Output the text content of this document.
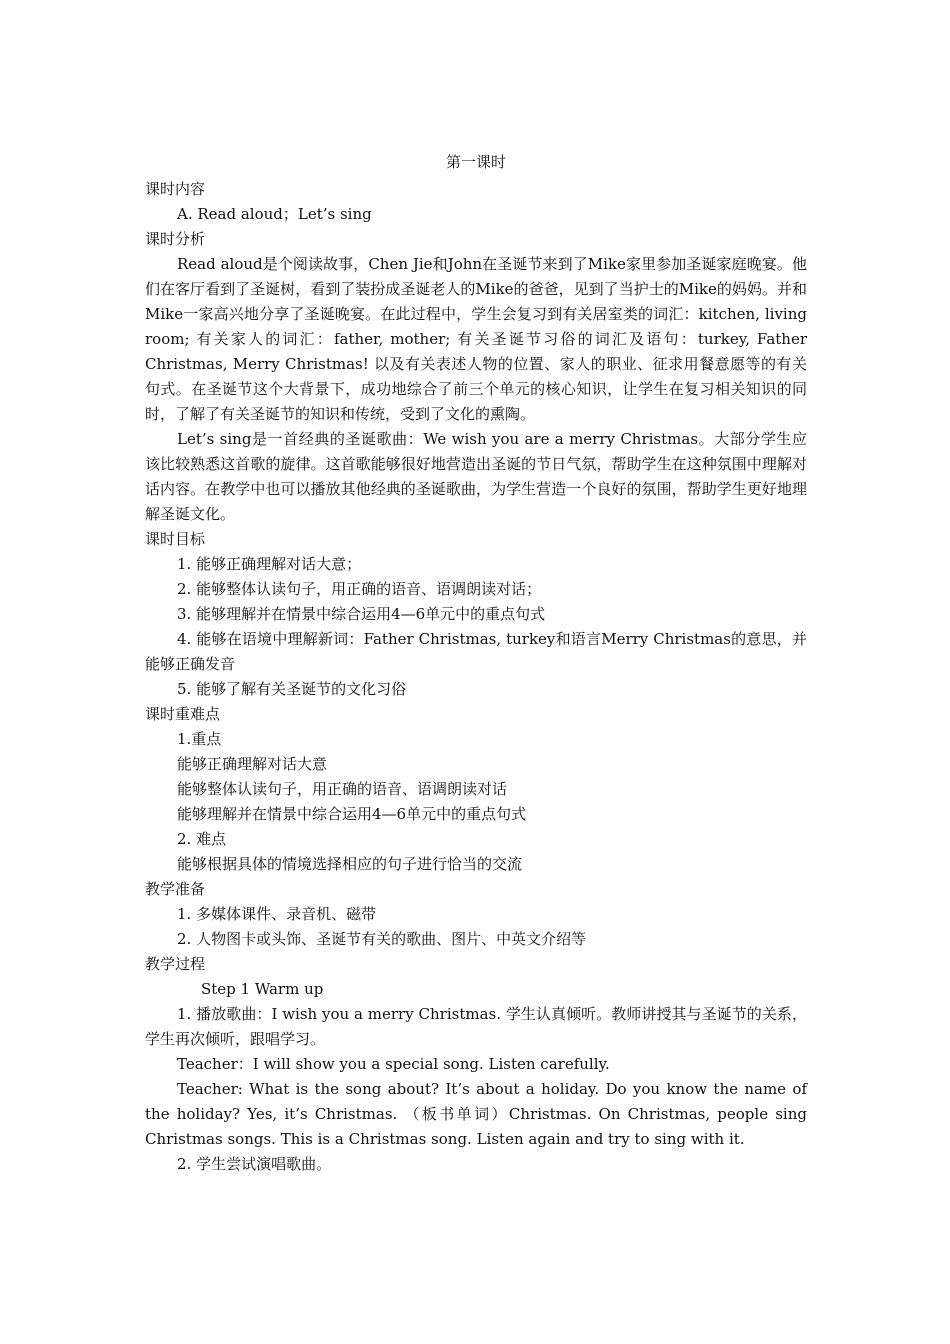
第一课时

课时内容

A. Read aloud；Let’s sing

课时分析

Read aloud是个阅读故事，Chen Jie和John在圣诞节来到了Mike家里参加圣诞家庭晚宴。他们在客厅看到了圣诞树，看到了装扮成圣诞老人的Mike的爸爸，见到了当护士的Mike的妈妈。并和Mike一家高兴地分享了圣诞晚宴。在此过程中，学生会复习到有关居室类的词汇：kitchen, living room; 有关家人的词汇：father, mother; 有关圣诞节习俗的词汇及语句：turkey, Father Christmas, Merry Christmas! 以及有关表述人物的位置、家人的职业、征求用餐意愿等的有关句式。在圣诞节这个大背景下，成功地综合了前三个单元的核心知识，让学生在复习相关知识的同时，了解了有关圣诞节的知识和传统，受到了文化的熏陶。

Let’s sing是一首经典的圣诞歌曲：We wish you are a merry Christmas。大部分学生应该比较熟悉这首歌的旋律。这首歌能够很好地营造出圣诞的节日气氛，帮助学生在这种氛围中理解对话内容。在教学中也可以播放其他经典的圣诞歌曲，为学生营造一个良好的氛围，帮助学生更好地理解圣诞文化。

课时目标

1. 能够正确理解对话大意；

2. 能够整体认读句子，用正确的语音、语调朗读对话；

3. 能够理解并在情景中综合运用4—6单元中的重点句式

4. 能够在语境中理解新词：Father Christmas, turkey和语言Merry Christmas的意思，并能够正确发音

5. 能够了解有关圣诞节的文化习俗

课时重难点

1.重点

能够正确理解对话大意

能够整体认读句子，用正确的语音、语调朗读对话

能够理解并在情景中综合运用4—6单元中的重点句式

2. 难点

能够根据具体的情境选择相应的句子进行恰当的交流

教学准备

1. 多媒体课件、录音机、磁带

2. 人物图卡或头饰、圣诞节有关的歌曲、图片、中英文介绍等

教学过程

Step 1 Warm up

1. 播放歌曲：I wish you a merry Christmas. 学生认真倾听。教师讲授其与圣诞节的关系，学生再次倾听，跟唱学习。

Teacher：I will show you a special song. Listen carefully.

Teacher: What is the song about? It’s about a holiday. Do you know the name of the holiday? Yes, it’s Christmas. （板书单词）Christmas. On Christmas, people sing Christmas songs. This is a Christmas song. Listen again and try to sing with it.

2. 学生尝试演唱歌曲。
